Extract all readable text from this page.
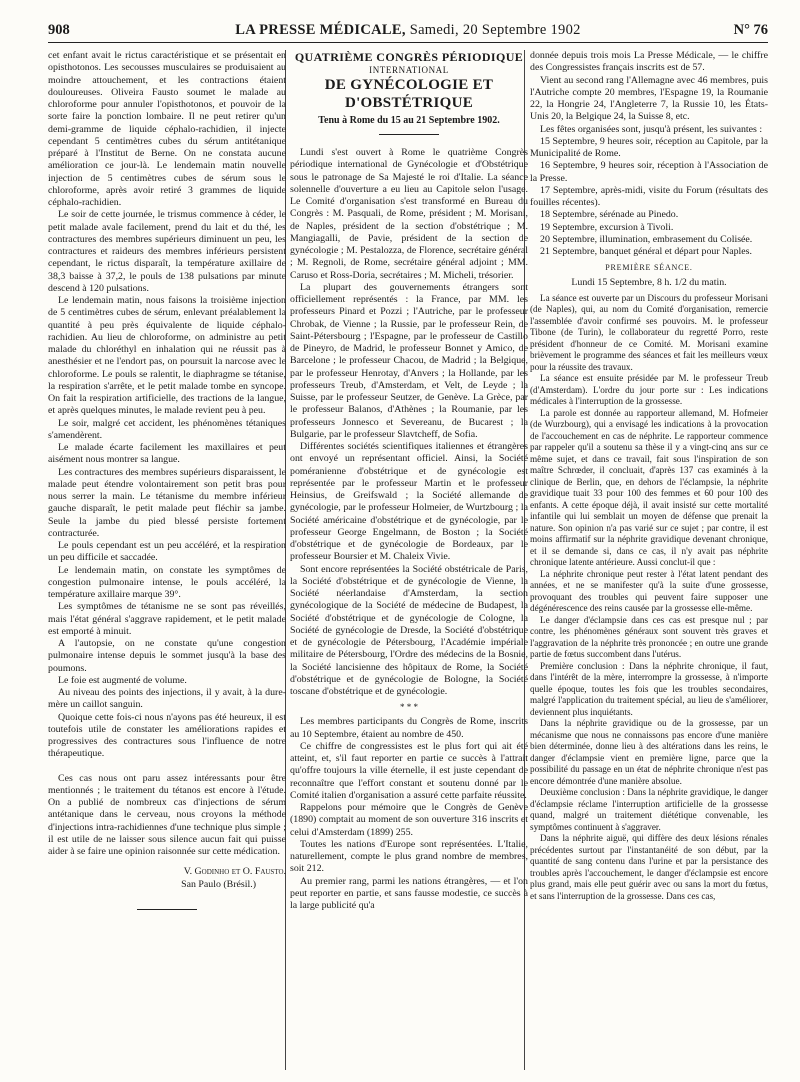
908	LA PRESSE MÉDICALE, Samedi, 20 Septembre 1902	N° 76

cet enfant avait le rictus caractéristique et se présentait en opisthotonos. Les secousses musculaires se produisaient au moindre attouchement, et les contractions étaient douloureuses. Oliveira Fausto soumet le malade au chloroforme pour annuler l'opisthotonos, et pouvoir de la sorte faire la ponction lombaire. Il ne peut retirer qu'un demi-gramme de liquide céphalo-rachidien, il injecte cependant 5 centimètres cubes du sérum antitétanique préparé à l'Institut de Berne. On ne constata aucune amélioration ce jour-là. Le lendemain matin nouvelle injection de 5 centimètres cubes de sérum sous le chloroforme, après avoir retiré 3 grammes de liquide céphalo-rachidien.

Le soir de cette journée, le trismus commence à céder, le petit malade avale facilement, prend du lait et du thé, les contractures des membres supérieurs diminuent un peu, les contractures et raideurs des membres inférieurs persistent cependant, le rictus disparaît, la température axillaire de 38,3 baisse à 37,2, le pouls de 138 pulsations par minute descend à 120 pulsations.

Le lendemain matin, nous faisons la troisième injection de 5 centimètres cubes de sérum, enlevant préalablement la quantité à peu près équivalente de liquide céphalo-rachidien. Au lieu de chloroforme, on administre au petit malade du chloréthyl en inhalation qui ne réussit pas à anesthésier et ne l'endort pas, on poursuit la narcose avec le chloroforme. Le pouls se ralentit, le diaphragme se tétanise, la respiration s'arrête, et le petit malade tombe en syncope. On fait la respiration artificielle, des tractions de la langue, et après quelques minutes, le malade revient peu à peu.

Le soir, malgré cet accident, les phénomènes tétaniques s'amendèrent.

Le malade écarte facilement les maxillaires et peut aisément nous montrer sa langue.

Les contractures des membres supérieurs disparaissent, le malade peut étendre volontairement son petit bras pour nous serrer la main. Le tétanisme du membre inférieur gauche disparaît, le petit malade peut fléchir sa jambe. Seule la jambe du pied blessé persiste fortement contracturée.

Le pouls cependant est un peu accéléré, et la respiration un peu difficile et saccadée.

Le lendemain matin, on constate les symptômes de congestion pulmonaire intense, le pouls accéléré, la température axillaire marque 39°.

Les symptômes de tétanisme ne se sont pas réveillés, mais l'état général s'aggrave rapidement, et le petit malade est emporté à minuit.

A l'autopsie, on ne constate qu'une congestion pulmonaire intense depuis le sommet jusqu'à la base des poumons.

Le foie est augmenté de volume.

Au niveau des points des injections, il y avait, à la dure-mère un caillot sanguin.

Quoique cette fois-ci nous n'ayons pas été heureux, il est toutefois utile de constater les améliorations rapides et progressives des contractures sous l'influence de notre thérapeutique.

Ces cas nous ont paru assez intéressants pour être mentionnés ; le traitement du tétanos est encore à l'étude. On a publié de nombreux cas d'injections de sérum antétanique dans le cerveau, nous croyons la méthode d'injections intra-rachidiennes d'une technique plus simple ; il est utile de ne laisser sous silence aucun fait qui puisse aider à se faire une opinion raisonnée sur cette médication.

V. Godinho et O. Fausto.
San Paulo (Brésil.)
QUATRIÈME CONGRÈS PÉRIODIQUE
INTERNATIONAL
DE GYNÉCOLOGIE ET D'OBSTÉTRIQUE
Tenu à Rome du 15 au 21 Septembre 1902.

Lundi s'est ouvert à Rome le quatrième Congrès périodique international de Gynécologie et d'Obstétrique sous le patronage de Sa Majesté le roi d'Italie. La séance solennelle d'ouverture a eu lieu au Capitole selon l'usage. Le Comité d'organisation s'est transformé en Bureau du Congrès : M. Pasquali, de Rome, président ; M. Morisani, de Naples, président de la section d'obstétrique ; M. Mangiagalli, de Pavie, président de la section de gynécologie ; M. Pestalozza, de Florence, secrétaire général ; M. Regnoli, de Rome, secrétaire général adjoint ; MM. Caruso et Ross-Doria, secrétaires ; M. Micheli, trésorier.

La plupart des gouvernements étrangers sont officiellement représentés : la France, par MM. les professeurs Pinard et Pozzi ; l'Autriche, par le professeur Chrobak, de Vienne ; la Russie, par le professeur Rein, de Saint-Pétersbourg ; l'Espagne, par le professeur de Castillo de Pineyro, de Madrid, le professeur Bonnet y Amico, de Barcelone ; le professeur Chacou, de Madrid ; la Belgique, par le professeur Henrotay, d'Anvers ; la Hollande, par les professeurs Treub, d'Amsterdam, et Velt, de Leyde ; la Suisse, par le professeur Seutzer, de Genève. La Grèce, par le professeur Balanos, d'Athènes ; la Roumanie, par les professeurs Jonnesco et Severeanu, de Bucarest ; la Bulgarie, par le professeur Slavtcheff, de Sofia.

Différentes sociétés scientifiques italiennes et étrangères ont envoyé un représentant officiel. Ainsi, la Société poméranienne d'obstétrique et de gynécologie est représentée par le professeur Martin et le professeur Heinsius, de Greifswald ; la Société allemande de gynécologie, par le professeur Holmeier, de Wurtzbourg ; la Société américaine d'obstétrique et de gynécologie, par le professeur George Engelmann, de Boston ; la Société d'obstétrique et de gynécologie de Bordeaux, par le professeur Boursier et M. Chaleix Vivie.

Sont encore représentées la Société obstétricale de Paris, la Société d'obstétrique et de gynécologie de Vienne, la Société néerlandaise d'Amsterdam, la section gynécologique de la Société de médecine de Budapest, la Société d'obstétrique et de gynécologie de Cologne, la Société de gynécologie de Dresde, la Société d'obstétrique et de gynécologie de Pétersbourg, l'Académie impériale militaire de Pétersbourg, l'Ordre des médecins de la Bosnie, la Société lancisienne des hôpitaux de Rome, la Société d'obstétrique et de gynécologie de Bologne, la Société toscane d'obstétrique et de gynécologie.

* * *

Les membres participants du Congrès de Rome, inscrits au 10 Septembre, étaient au nombre de 450.

Ce chiffre de congressistes est le plus fort qui ait été atteint, et, s'il faut reporter en partie ce succès à l'attrait qu'offre toujours la ville éternelle, il est juste cependant de reconnaître que l'effort constant et soutenu donné par le Comité italien d'organisation a assuré cette parfaite réussite.

Rappelons pour mémoire que le Congrès de Genève (1890) comptait au moment de son ouverture 316 inscrits et celui d'Amsterdam (1899) 255.

Toutes les nations d'Europe sont représentées. L'Italie, naturellement, compte le plus grand nombre de membres, soit 212.

Au premier rang, parmi les nations étrangères, — et l'on peut reporter en partie, et sans fausse modestie, ce succès à la large publicité qu'a

donnée depuis trois mois La Presse Médicale, — le chiffre des Congressistes français inscrits est de 57.

Vient au second rang l'Allemagne avec 46 membres, puis l'Autriche compte 20 membres, l'Espagne 19, la Roumanie 22, la Hongrie 24, l'Angleterre 7, la Russie 10, les États-Unis 20, la Belgique 24, la Suisse 8, etc.

Les fêtes organisées sont, jusqu'à présent, les suivantes :

15 Septembre, 9 heures soir, réception au Capitole, par la Municipalité de Rome.

16 Septembre, 9 heures soir, réception à l'Association de la Presse.

17 Septembre, après-midi, visite du Forum (résultats des fouilles récentes).

18 Septembre, sérénade au Pinedo.

19 Septembre, excursion à Tivoli.

20 Septembre, illumination, embrasement du Colisée.

21 Septembre, banquet général et départ pour Naples.

PREMIÈRE SÉANCE.
Lundi 15 Septembre, 8 h. 1/2 du matin.

La séance est ouverte par un Discours du professeur Morisani (de Naples), qui, au nom du Comité d'organisation, remercie l'assemblée d'avoir confirmé ses pouvoirs. M. le professeur Tibone (de Turin), le collaborateur du regretté Porro, reste président d'honneur de ce Comité. M. Morisani examine brièvement le programme des séances et fait les meilleurs vœux pour la réussite des travaux.

La séance est ensuite présidée par M. le professeur Treub (d'Amsterdam). L'ordre du jour porte sur : Les indications médicales à l'interruption de la grossesse.

La parole est donnée au rapporteur allemand, M. Hofmeier (de Wurzbourg), qui a envisagé les indications à la provocation de l'accouchement en cas de néphrite. Le rapporteur commence par rappeler qu'il a soutenu sa thèse il y a vingt-cinq ans sur ce même sujet, et dans ce travail, fait sous l'inspiration de son maître Schrœder, il concluait, d'après 137 cas examinés à la clinique de Berlin, que, en dehors de l'éclampsie, la néphrite gravidique tuait 33 pour 100 des femmes et 60 pour 100 des enfants. A cette époque déjà, il avait insisté sur cette mortalité infantile qui lui semblait un moyen de défense que prenait la nature. Son opinion n'a pas varié sur ce sujet ; par contre, il est moins affirmatif sur la néphrite gravidique devenant chronique, et il se demande si, dans ce cas, il n'y avait pas néphrite chronique latente antérieure. Aussi conclut-il que :

La néphrite chronique peut rester à l'état latent pendant des années, et ne se manifester qu'à la suite d'une grossesse, provoquant des troubles qui peuvent faire supposer une dégénérescence des reins causée par la grossesse elle-même.

Le danger d'éclampsie dans ces cas est presque nul ; par contre, les phénomènes généraux sont souvent très graves et l'aggravation de la néphrite très prononcée ; en outre une grande partie de fœtus succombent dans l'utérus.

Première conclusion : Dans la néphrite chronique, il faut, dans l'intérêt de la mère, interrompre la grossesse, à n'importe quelle époque, toutes les fois que les troubles secondaires, malgré l'application du traitement spécial, au lieu de s'améliorer, deviennent plus inquiétants.

Dans la néphrite gravidique ou de la grossesse, par un mécanisme que nous ne connaissons pas encore d'une manière bien déterminée, donne lieu à des altérations dans les reins, le danger d'éclampsie vient en première ligne, parce que la possibilité du passage en un état de néphrite chronique n'est pas encore démontrée d'une manière absolue.

Deuxième conclusion : Dans la néphrite gravidique, le danger d'éclampsie réclame l'interruption artificielle de la grossesse quand, malgré un traitement diététique convenable, les symptômes continuent à s'aggraver.

Dans la néphrite aiguë, qui diffère des deux lésions rénales précédentes surtout par l'instantanéité de son début, par la quantité de sang contenu dans l'urine et par la persistance des troubles après l'accouchement, le danger d'éclampsie est encore plus grand, mais elle peut guérir avec ou sans la mort du fœtus, et sans l'interruption de la grossesse. Dans ces cas,
